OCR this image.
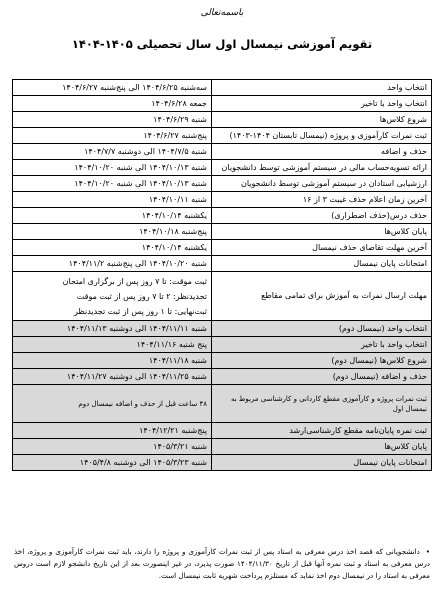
باسمه‌تعالی
تقویم آموزشی نیمسال اول سال تحصیلی ۱۴۰۵-۱۴۰۴
انتخاب واحد	سه‌شنبه ۱۴۰۴/۶/۲۵ الی پنج‌شنبه ۱۴۰۴/۶/۲۷
انتخاب واحد با تاخیر	جمعه ۱۴۰۴/۶/۲۸
شروع کلاس‌ها	شنبه ۱۴۰۴/۶/۲۹
ثبت نمرات کارآموزی و پروژه (نیمسال تابستان ۱۴۰۴-۱۴۰۳)	پنج‌شنبه ۱۴۰۴/۶/۲۷
حذف و اضافه	شنبه ۱۴۰۴/۷/۵ الی دوشنبه ۱۴۰۴/۷/۷
ارائه تسویه‌حساب مالی در سیستم آموزشی توسط دانشجویان	شنبه ۱۴۰۴/۱۰/۱۳ الی شنبه ۱۴۰۴/۱۰/۲۰
ارزشیابی استادان در سیستم آموزشی توسط دانشجویان	شنبه ۱۴۰۴/۱۰/۱۳ الی شنبه ۱۴۰۴/۱۰/۲۰
آخرین زمان اعلام حذف غیبت ۳ از ۱۶	شنبه ۱۴۰۴/۱۰/۱۱
حذف درس(حذف اضطراری)	یکشنبه ۱۴۰۴/۱۰/۱۴
پایان کلاس‌ها	پنج‌شنبه ۱۴۰۴/۱۰/۱۸
آخرین مهلت تقاضای حذف نیمسال	یکشنبه ۱۴۰۴/۱۰/۱۴
امتحانات پایان نیمسال	شنبه ۱۴۰۴/۱۰/۲۰ الی پنج‌شنبه ۱۴۰۴/۱۱/۲
مهلت ارسال نمرات به آموزش برای تمامی مقاطع	ثبت موقت: تا ۷ روز پس از برگزاری امتحان
تجدیدنظر: ۲ تا ۷ روز پس از ثبت موقت
ثبت‌نهایی: تا ۱ روز پس از ثبت تجدیدنظر

انتخاب واحد (نیمسال دوم)	شنبه ۱۴۰۴/۱۱/۱۱ الی دوشنبه ۱۴۰۴/۱۱/۱۳
انتخاب واحد با تاخیر	پنج شنبه ۱۴۰۴/۱۱/۱۶
شروع کلاس‌ها (نیمسال دوم)	شنبه ۱۴۰۴/۱۱/۱۸
حذف و اضافه (نیمسال دوم)	شنبه ۱۴۰۴/۱۱/۲۵ الی دوشنبه ۱۴۰۴/۱۱/۲۷
ثبت نمرات پروژه و کارآموزی مقطع کاردانی و کارشناسی مربوط به نیمسال اول	۴۸ ساعت قبل از حذف و اضافه نیمسال دوم
ثبت نمره پایان‌نامه مقطع کارشناسی‌ارشد	پنج‌شنبه ۱۴۰۴/۱۲/۲۱
پایان کلاس‌ها	شنبه ۱۴۰۵/۳/۲۱
امتحانات پایان نیمسال	شنبه ۱۴۰۵/۳/۲۳ الی دوشنبه ۱۴۰۵/۴/۸
• دانشجویانی که قصد اخذ درس معرفی به استاد پس از ثبت نمرات کارآموزی و پروژه را دارند، باید ثبت نمرات کارآموزی و پروژه، اخذ درس معرفی به استاد و ثبت نمره آنها قبل از تاریخ ۱۴۰۴/۱۱/۳۰ صورت پذیرد، در غیر اینصورت بعد از این تاریخ دانشجو لازم است دروس معرفی به استاد را در نیمسال دوم اخذ نماید که مستلزم پرداخت شهریه ثابت نیمسال است.
